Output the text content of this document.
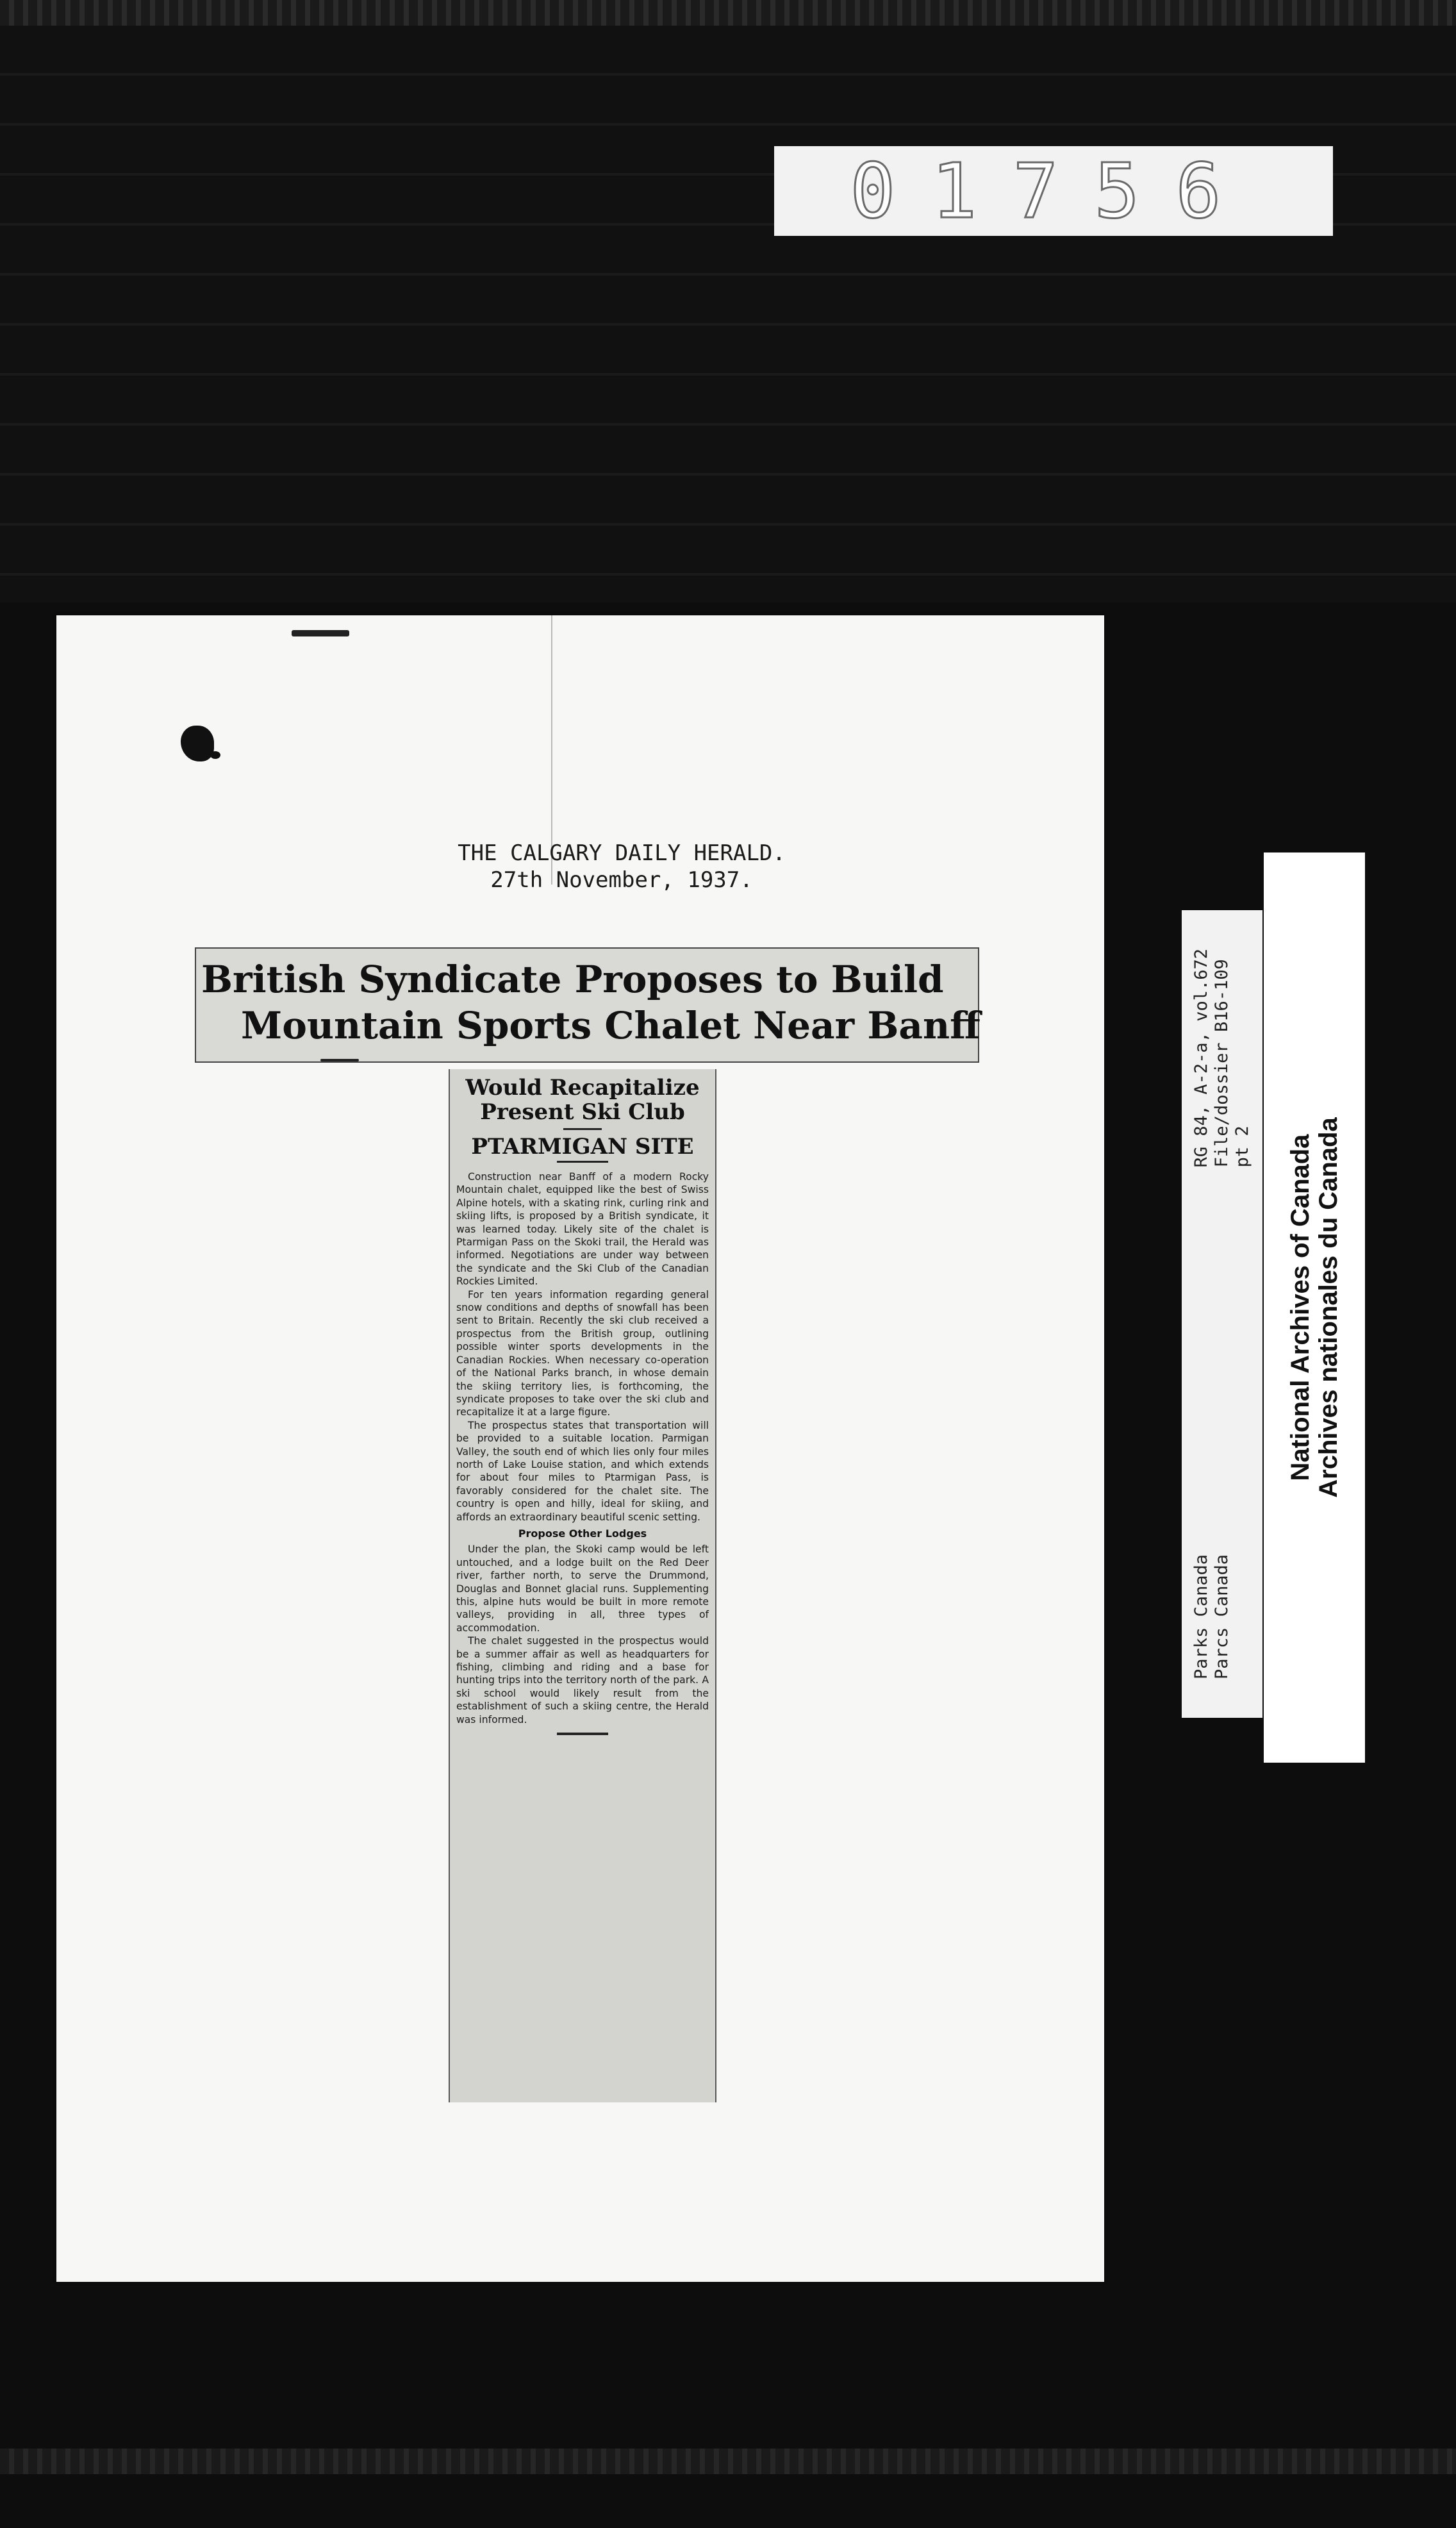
01756
THE CALGARY DAILY HERALD.
27th November, 1937.
British Syndicate Proposes to Build
Mountain Sports Chalet Near Banff
Would Recapitalize Present Ski Club
PTARMIGAN SITE

Construction near Banff of a modern Rocky Mountain chalet, equipped like the best of Swiss Alpine hotels, with a skating rink, curling rink and skiing lifts, is proposed by a British syndicate, it was learned today. Likely site of the chalet is Ptarmigan Pass on the Skoki trail, the Herald was informed. Negotiations are under way between the syndicate and the Ski Club of the Canadian Rockies Limited.

For ten years information regarding general snow conditions and depths of snowfall has been sent to Britain. Recently the ski club received a prospectus from the British group, outlining possible winter sports developments in the Canadian Rockies. When necessary co-operation of the National Parks branch, in whose demain the skiing territory lies, is forthcoming, the syndicate proposes to take over the ski club and recapitalize it at a large figure.

The prospectus states that transportation will be provided to a suitable location. Parmigan Valley, the south end of which lies only four miles north of Lake Louise station, and which extends for about four miles to Ptarmigan Pass, is favorably considered for the chalet site. The country is open and hilly, ideal for skiing, and affords an extraordinary beautiful scenic setting.

Propose Other Lodges

Under the plan, the Skoki camp would be left untouched, and a lodge built on the Red Deer river, farther north, to serve the Drummond, Douglas and Bonnet glacial runs. Supplementing this, alpine huts would be built in more remote valleys, providing in all, three types of accommodation.

The chalet suggested in the prospectus would be a summer affair as well as headquarters for fishing, climbing and riding and a base for hunting trips into the territory north of the park. A ski school would likely result from the establishment of such a skiing centre, the Herald was informed.

Parks Canada Parcs Canada
RG 84, A-2-a, vol.672 File/dossier B16-109 pt 2 National Archives of Canada Archives nationales du Canada
